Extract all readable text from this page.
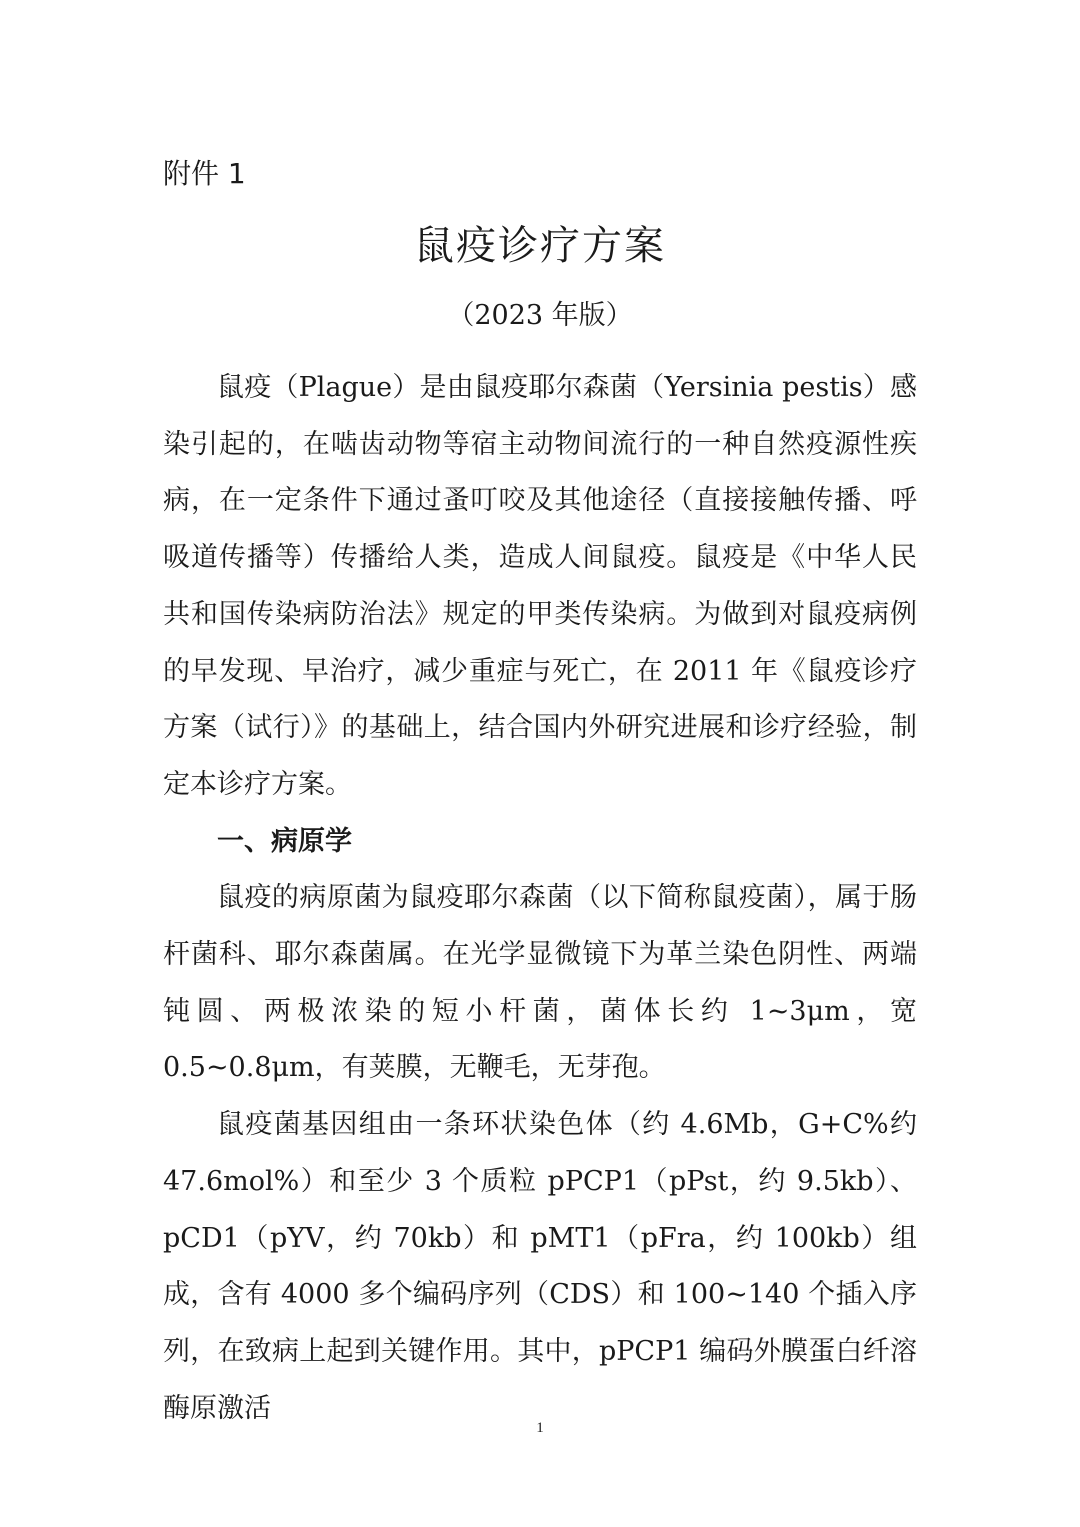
附件 1
鼠疫诊疗方案
（2023 年版）

鼠疫（Plague）是由鼠疫耶尔森菌（Yersinia pestis）感染引起的，在啮齿动物等宿主动物间流行的一种自然疫源性疾病，在一定条件下通过蚤叮咬及其他途径（直接接触传播、呼吸道传播等）传播给人类，造成人间鼠疫。鼠疫是《中华人民共和国传染病防治法》规定的甲类传染病。为做到对鼠疫病例的早发现、早治疗，减少重症与死亡，在 2011 年《鼠疫诊疗方案（试行）》的基础上，结合国内外研究进展和诊疗经验，制定本诊疗方案。

一、病原学

鼠疫的病原菌为鼠疫耶尔森菌（以下简称鼠疫菌），属于肠杆菌科、耶尔森菌属。在光学显微镜下为革兰染色阴性、两端钝圆、两极浓染的短小杆菌，菌体长约 1~3μm，宽 0.5~0.8μm，有荚膜，无鞭毛，无芽孢。

鼠疫菌基因组由一条环状染色体（约 4.6Mb，G+C%约 47.6mol%）和至少 3 个质粒 pPCP1（pPst，约 9.5kb）、pCD1（pYV，约 70kb）和 pMT1（pFra，约 100kb）组成，含有 4000 多个编码序列（CDS）和 100~140 个插入序列，在致病上起到关键作用。其中，pPCP1 编码外膜蛋白纤溶酶原激活

1
